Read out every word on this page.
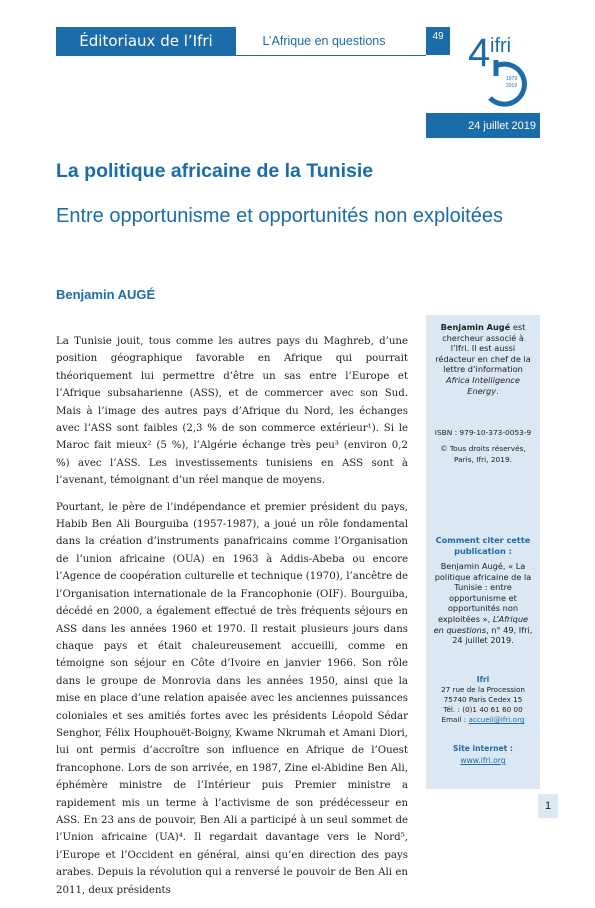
Éditoriaux de l’Ifri	L’Afrique en questions	49 4 ifri
1979
2019
24 juillet 2019
La politique africaine de la Tunisie
Entre opportunisme et opportunités non exploitées
Benjamin AUGÉ

La Tunisie jouit, tous comme les autres pays du Maghreb, d’une position géographique favorable en Afrique qui pourrait théoriquement lui permettre d’être un sas entre l’Europe et l’Afrique subsaharienne (ASS), et de commercer avec son Sud. Mais à l’image des autres pays d’Afrique du Nord, les échanges avec l’ASS sont faibles (2,3 % de son commerce extérieur¹). Si le Maroc fait mieux² (5 %), l’Algérie échange très peu³ (environ 0,2 %) avec l’ASS. Les investissements tunisiens en ASS sont à l’avenant, témoignant d’un réel manque de moyens.

Pourtant, le père de l’indépendance et premier président du pays, Habib Ben Ali Bourguiba (1957-1987), a joué un rôle fondamental dans la création d’instruments panafricains comme l’Organisation de l’union africaine (OUA) en 1963 à Addis-Abeba ou encore l’Agence de coopération culturelle et technique (1970), l’ancêtre de l’Organisation internationale de la Francophonie (OIF). Bourguiba, décédé en 2000, a également effectué de très fréquents séjours en ASS dans les années 1960 et 1970. Il restait plusieurs jours dans chaque pays et était chaleureusement accueilli, comme en témoigne son séjour en Côte d’Ivoire en janvier 1966. Son rôle dans le groupe de Monrovia dans les années 1950, ainsi que la mise en place d’une relation apaisée avec les anciennes puissances coloniales et ses amitiés fortes avec les présidents Léopold Sédar Senghor, Félix Houphouët-Boigny, Kwame Nkrumah et Amani Diori, lui ont permis d’accroître son influence en Afrique de l’Ouest francophone. Lors de son arrivée, en 1987, Zine el-Abidine Ben Ali, éphémère ministre de l’Intérieur puis Premier ministre a rapidement mis un terme à l’activisme de son prédécesseur en ASS. En 23 ans de pouvoir, Ben Ali a participé à un seul sommet de l’Union africaine (UA)⁴. Il regardait davantage vers le Nord⁵, l’Europe et l’Occident en général, ainsi qu’en direction des pays arabes. Depuis la révolution qui a renversé le pouvoir de Ben Ali en 2011, deux présidents

Benjamin Augé est chercheur associé à l’Ifri. Il est aussi rédacteur en chef de la lettre d’information Africa Intelligence Energy.
ISBN : 979-10-373-0053-9
© Tous droits réservés, Paris, Ifri, 2019.
Comment citer cette publication :
Benjamin Augé, « La politique africaine de la Tunisie : entre opportunisme et opportunités non exploitées », L’Afrique en questions, n° 49, Ifri, 24 juillet 2019.
Ifri
27 rue de la Procession
75740 Paris Cedex 15
Tél. : (0)1 40 61 60 00
Email : accueil@ifri.org
Site internet :
www.ifri.org
1
